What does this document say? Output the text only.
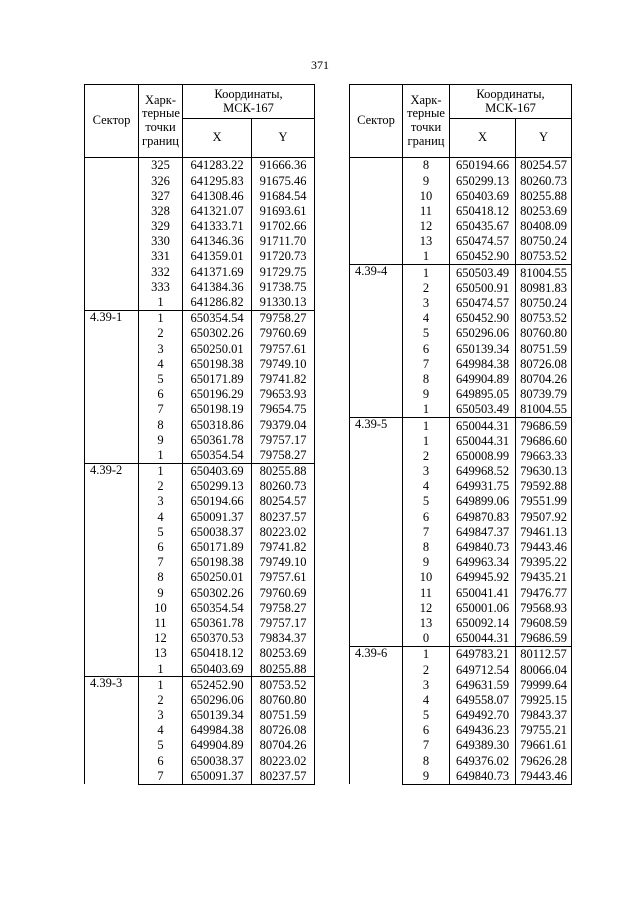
371
Сектор	Харк-
терные
точки
границ	Координаты,
МСК-167	
		X	Y
	325	641283.22	91666.36
	326	641295.83	91675.46
	327	641308.46	91684.54
	328	641321.07	91693.61
	329	641333.71	91702.66
	330	641346.36	91711.70
	331	641359.01	91720.73
	332	641371.69	91729.75
	333	641384.36	91738.75
	1	641286.82	91330.13
4.39-1	1	650354.54	79758.27
	2	650302.26	79760.69
	3	650250.01	79757.61
	4	650198.38	79749.10
	5	650171.89	79741.82
	6	650196.29	79653.93
	7	650198.19	79654.75
	8	650318.86	79379.04
	9	650361.78	79757.17
	1	650354.54	79758.27
4.39-2	1	650403.69	80255.88
	2	650299.13	80260.73
	3	650194.66	80254.57
	4	650091.37	80237.57
	5	650038.37	80223.02
	6	650171.89	79741.82
	7	650198.38	79749.10
	8	650250.01	79757.61
	9	650302.26	79760.69
	10	650354.54	79758.27
	11	650361.78	79757.17
	12	650370.53	79834.37
	13	650418.12	80253.69
	1	650403.69	80255.88
4.39-3	1	652452.90	80753.52
	2	650296.06	80760.80
	3	650139.34	80751.59
	4	649984.38	80726.08
	5	649904.89	80704.26
	6	650038.37	80223.02
	7	650091.37	80237.57
Сектор	Харк-
терные
точки
границ	Координаты,
МСК-167	
		X	Y
	8	650194.66	80254.57
	9	650299.13	80260.73
	10	650403.69	80255.88
	11	650418.12	80253.69
	12	650435.67	80408.09
	13	650474.57	80750.24
	1	650452.90	80753.52
4.39-4	1	650503.49	81004.55
	2	650500.91	80981.83
	3	650474.57	80750.24
	4	650452.90	80753.52
	5	650296.06	80760.80
	6	650139.34	80751.59
	7	649984.38	80726.08
	8	649904.89	80704.26
	9	649895.05	80739.79
	1	650503.49	81004.55
4.39-5	1	650044.31	79686.59
	1	650044.31	79686.60
	2	650008.99	79663.33
	3	649968.52	79630.13
	4	649931.75	79592.88
	5	649899.06	79551.99
	6	649870.83	79507.92
	7	649847.37	79461.13
	8	649840.73	79443.46
	9	649963.34	79395.22
	10	649945.92	79435.21
	11	650041.41	79476.77
	12	650001.06	79568.93
	13	650092.14	79608.59
	0	650044.31	79686.59
4.39-6	1	649783.21	80112.57
	2	649712.54	80066.04
	3	649631.59	79999.64
	4	649558.07	79925.15
	5	649492.70	79843.37
	6	649436.23	79755.21
	7	649389.30	79661.61
	8	649376.02	79626.28
	9	649840.73	79443.46
